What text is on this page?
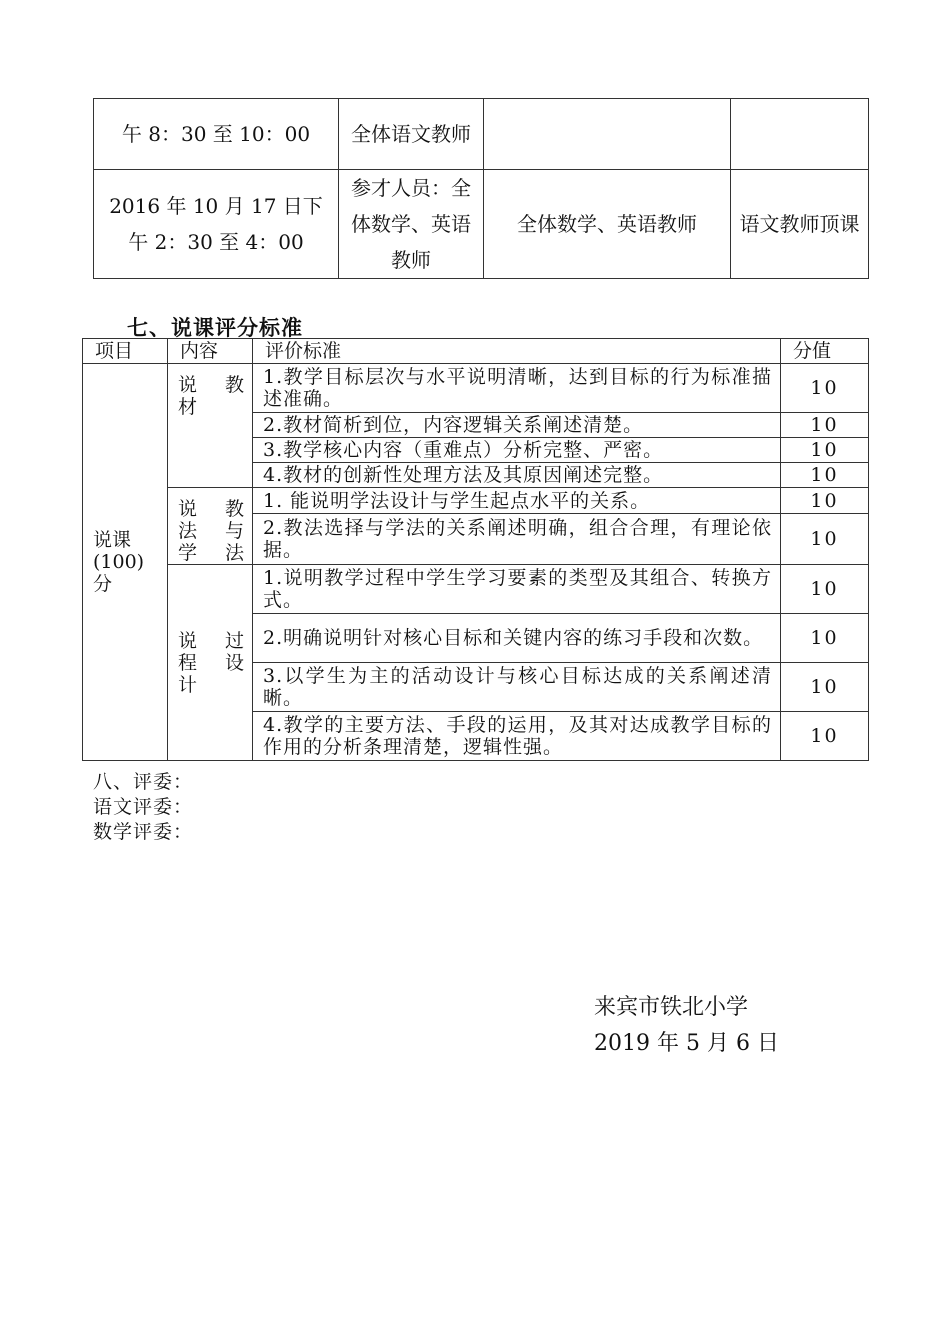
午 8：30 至 10：00	全体语文教师		
2016 年 10 月 17 日下午 2：30 至 4：00	参才人员：全体数学、英语教师	全体数学、英语教师	语文教师顶课
七、说课评分标准
项目	内容	评价标准	分值
说课(100)分	说 教 材	1.教学目标层次与水平说明清晰，达到目标的行为标准描述准确。	10
		2.教材简析到位，内容逻辑关系阐述清楚。	10
		3.教学核心内容（重难点）分析完整、严密。	10
		4.教材的创新性处理方法及其原因阐述完整。	10
	说 教 法 与 学法	1. 能说明学法设计与学生起点水平的关系。	10
		2.教法选择与学法的关系阐述明确，组合合理，有理论依据。	10
	说 过 程 设 计	1.说明教学过程中学生学习要素的类型及其组合、转换方式。	10
		2.明确说明针对核心目标和关键内容的练习手段和次数。	10
		3.以学生为主的活动设计与核心目标达成的关系阐述清晰。	10
		4.教学的主要方法、手段的运用，及其对达成教学目标的作用的分析条理清楚，逻辑性强。	10
八、评委：
语文评委：
数学评委：
来宾市铁北小学
2019 年 5 月 6 日
